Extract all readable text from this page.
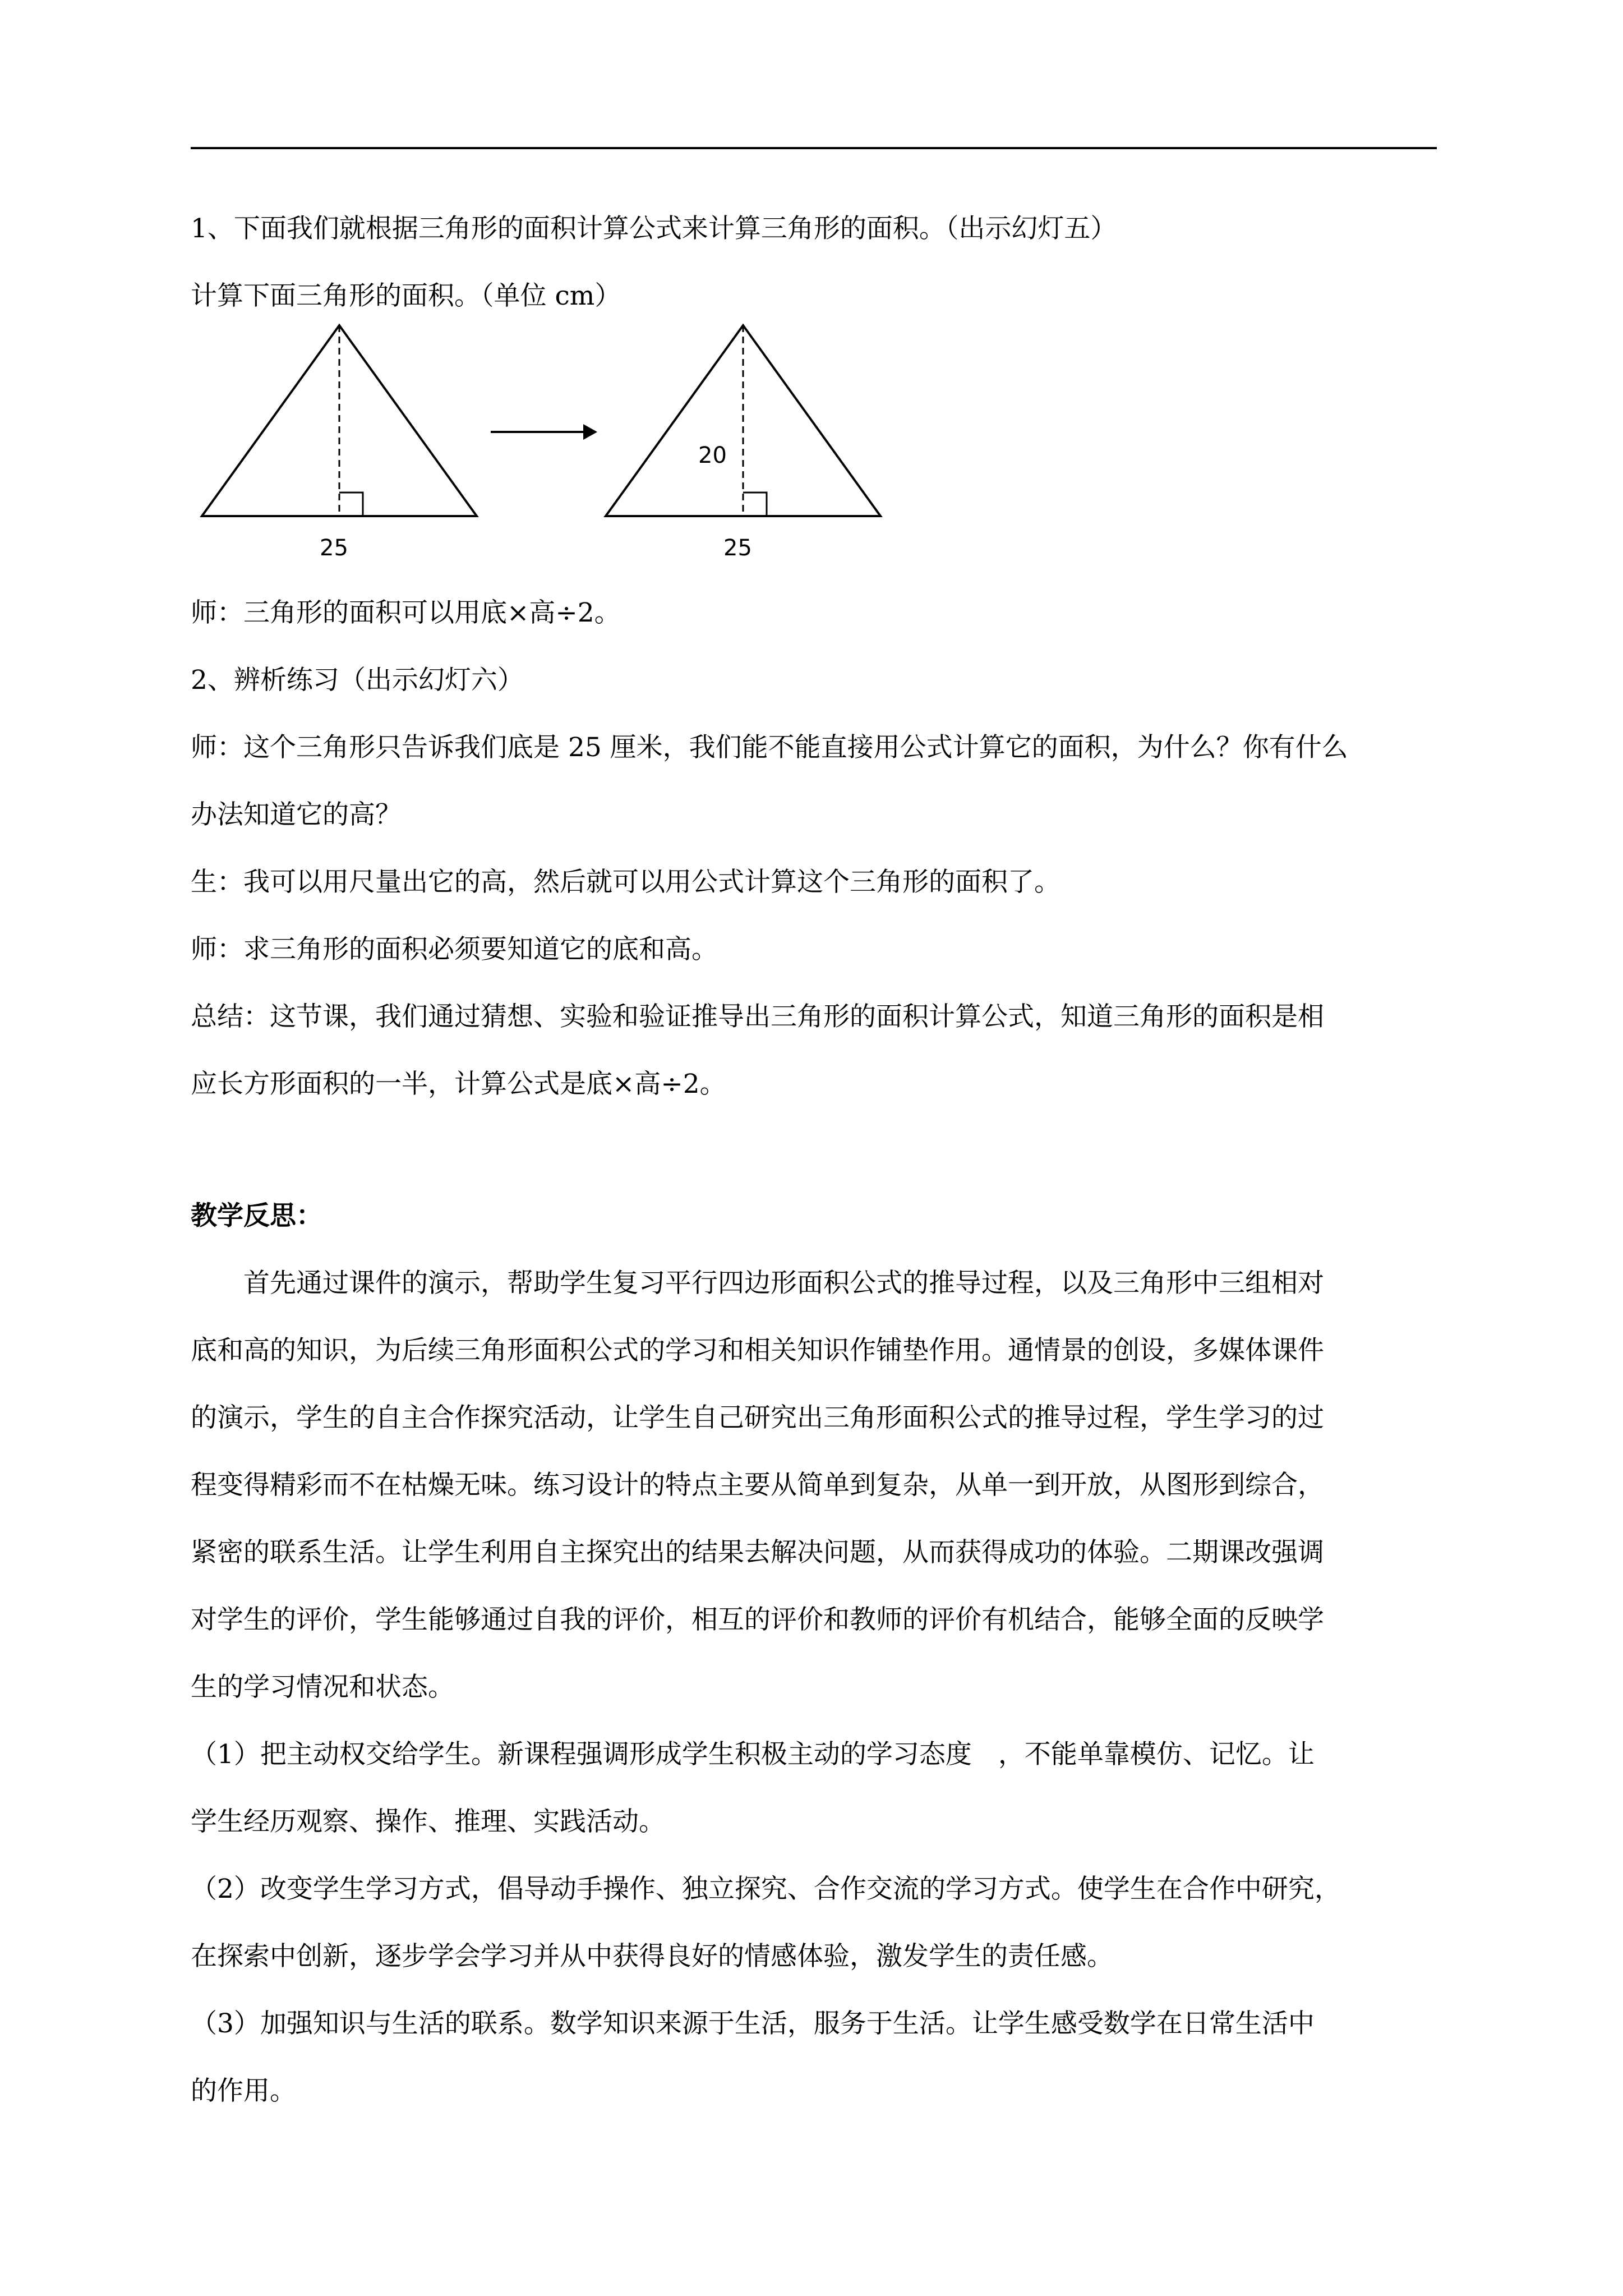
1、下面我们就根据三角形的面积计算公式来计算三角形的面积。（出示幻灯五）
计算下面三角形的面积。（单位 cm）
25
20
25
师：三角形的面积可以用底×高÷2。
2、辨析练习（出示幻灯六）
师：这个三角形只告诉我们底是 25 厘米，我们能不能直接用公式计算它的面积，为什么？你有什么
办法知道它的高？
生：我可以用尺量出它的高，然后就可以用公式计算这个三角形的面积了。
师：求三角形的面积必须要知道它的底和高。
总结：这节课，我们通过猜想、实验和验证推导出三角形的面积计算公式，知道三角形的面积是相
应长方形面积的一半，计算公式是底×高÷2。
教学反思：
　　首先通过课件的演示，帮助学生复习平行四边形面积公式的推导过程，以及三角形中三组相对
底和高的知识，为后续三角形面积公式的学习和相关知识作铺垫作用。通情景的创设，多媒体课件
的演示，学生的自主合作探究活动，让学生自己研究出三角形面积公式的推导过程，学生学习的过
程变得精彩而不在枯燥无味。练习设计的特点主要从简单到复杂，从单一到开放，从图形到综合，
紧密的联系生活。让学生利用自主探究出的结果去解决问题，从而获得成功的体验。二期课改强调
对学生的评价，学生能够通过自我的评价，相互的评价和教师的评价有机结合，能够全面的反映学
生的学习情况和状态。
（1）把主动权交给学生。新课程强调形成学生积极主动的学习态度　，不能单靠模仿、记忆。让
学生经历观察、操作、推理、实践活动。
（2）改变学生学习方式，倡导动手操作、独立探究、合作交流的学习方式。使学生在合作中研究，
在探索中创新，逐步学会学习并从中获得良好的情感体验，激发学生的责任感。
（3）加强知识与生活的联系。数学知识来源于生活，服务于生活。让学生感受数学在日常生活中
的作用。
